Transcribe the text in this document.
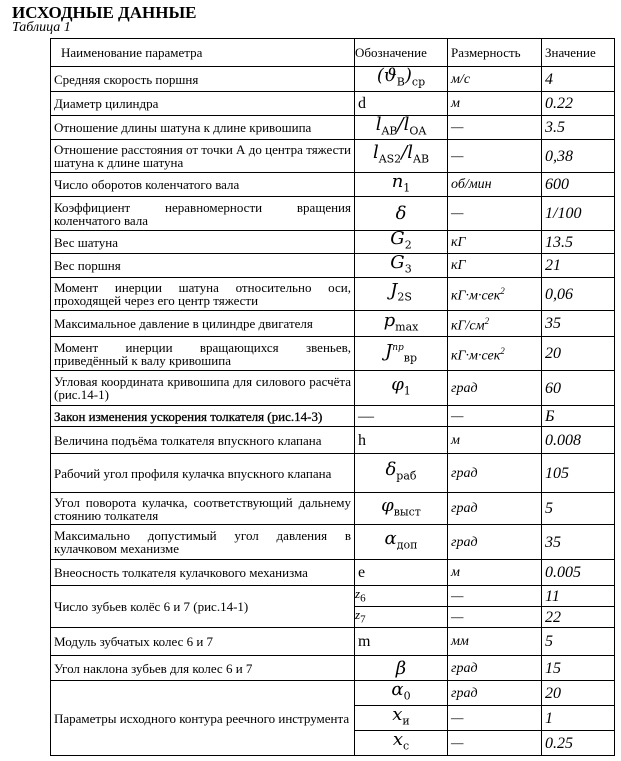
ИСХОДНЫЕ ДАННЫЕ
Таблица 1
Наименование параметра	Обозначение	Размерность	Значение
Средняя скорость поршня	$(ϑ_В)_{ср}$	м/с	4
Диаметр цилиндра	d	м	0.22
Отношение длины шатуна к длине кривошипа	$l_{AB}/l_{OA}$	—	3.5
Отношение расстояния от точки А до центра тяжести шатуна к длине шатуна	$l_{AS2}/l_{AB}$	—	0,38
Число оборотов коленчатого вала	$n_1$	об/мин	600
Коэффициент неравномерности вращения коленчатого вала	δ	—	1/100
Вес шатуна	$G_2$	кГ	13.5
Вес поршня	$G_3$	кГ	21
Момент инерции шатуна относительно оси, проходящей через его центр тяжести	$J_{2S}$	кГ·м·сек$^2$	0,06
Максимальное давление в цилиндре двигателя	$p_{max}$	$кГ/см^2$	35
Момент инерции вращающихся звеньев, приведённый к валу кривошипа	$J^{пр}_{вр}$	кГ·м·сек$^2$	20
Угловая координата кривошипа для силового расчёта (рис.14-1)	$\varphi_1$	град	60
Закон изменения ускорения толкателя (рис.14-3)	—	—	Б
Величина подъёма толкателя впускного клапана	h	м	0.008
Рабочий угол профиля кулачка впускного клапана	$\delta_{раб}$	град	105
Угол поворота кулачка, соответствующий дальнему стоянию толкателя	$\varphi_{выст}$	град	5
Максимально допустимый угол давления в кулачковом механизме	$\alpha_{доп}$	град	35
Внеосность толкателя кулачкового механизма	e	м	0.005
Число зубьев колёс 6 и 7 (рис.14-1)	$z_6$	—	11
	$z_7$	—	22
Модуль зубчатых колес 6 и 7	m	мм	5
Угол наклона зубьев для колес 6 и 7	β	град	15
Параметры исходного контура реечного инструмента	$\alpha_0$	град	20
	$x_и$	—	1
	$x_с$	—	0.25
